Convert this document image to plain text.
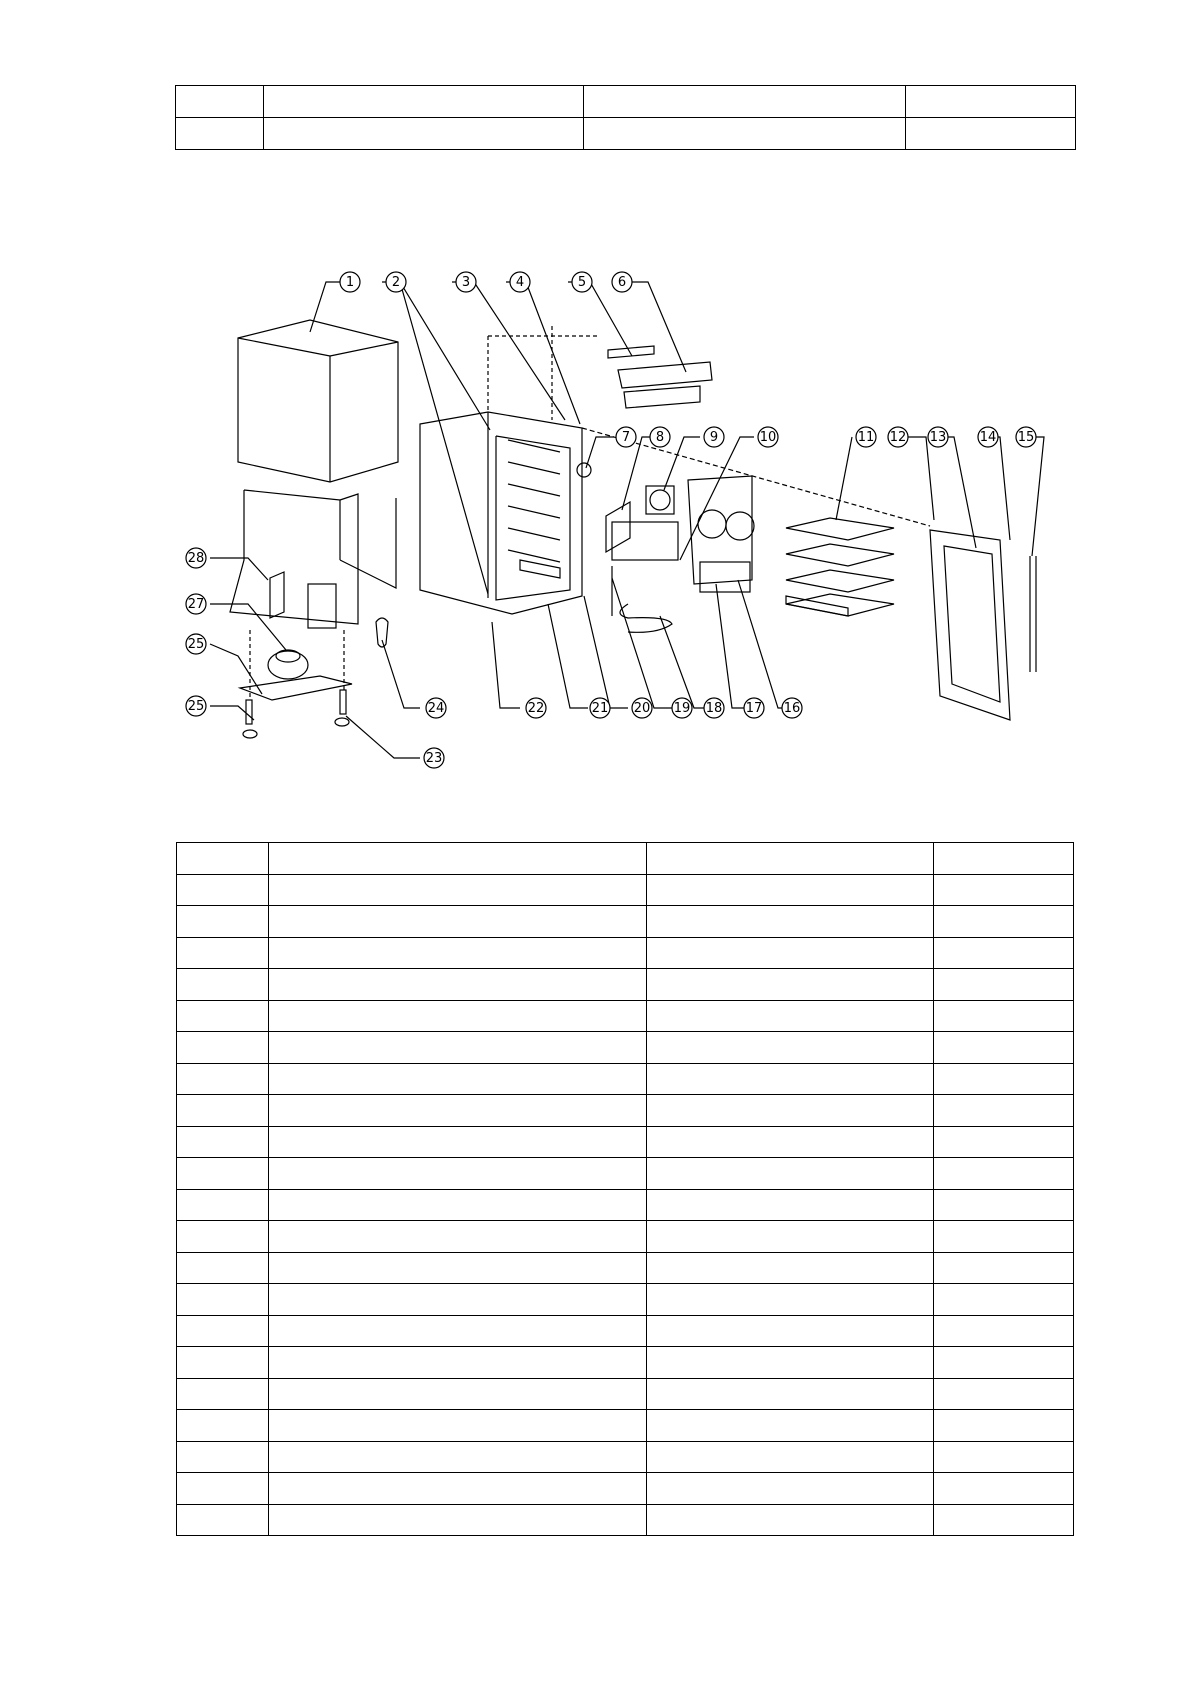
1	2	3	4	5 6
7 8	9	10	11 12 13	14 15
16
17
18
19
20
21
22
23
24
25
25
27
28
